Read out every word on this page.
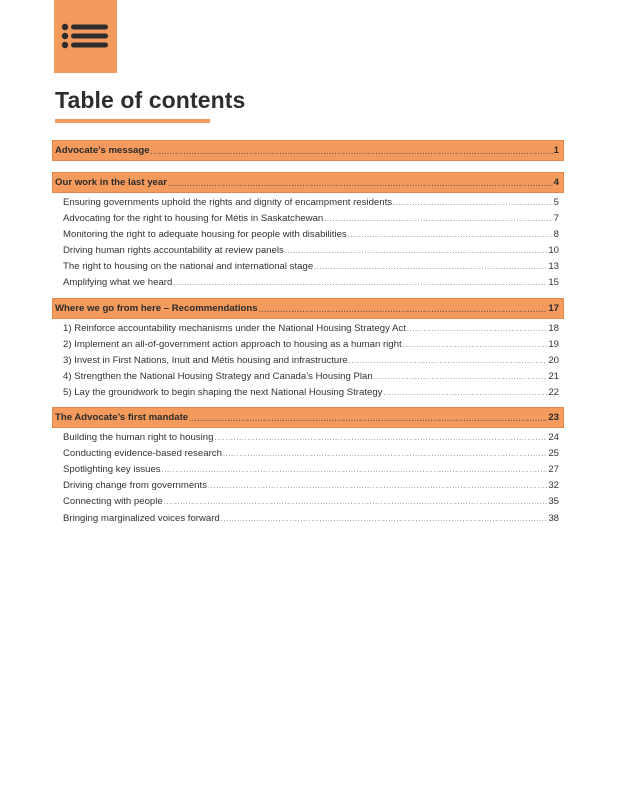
Table of contents
Advocate’s message .....	1
Our work in the last year .....	4
Ensuring governments uphold the rights and dignity of encampment residents .....	5
Advocating for the right to housing for Métis in Saskatchewan .....	7
Monitoring the right to adequate housing for people with disabilities .....	8
Driving human rights accountability at review panels .....	10
The right to housing on the national and international stage .....	13
Amplifying what we heard .....	15
Where we go from here – Recommendations .....	17
1) Reinforce accountability mechanisms under the National Housing Strategy Act .....	18
2) Implement an all-of-government action approach to housing as a human right .....	19
3) Invest in First Nations, Inuit and Métis housing and infrastructure .....	20
4) Strengthen the National Housing Strategy and Canada’s Housing Plan .....	21
5) Lay the groundwork to begin shaping the next National Housing Strategy .....	22
The Advocate’s first mandate .....	23
Building the human right to housing .....	24
Conducting evidence-based research .....	25
Spotlighting key issues .....	27
Driving change from governments .....	32
Connecting with people .....	35
Bringing marginalized voices forward .....	38
